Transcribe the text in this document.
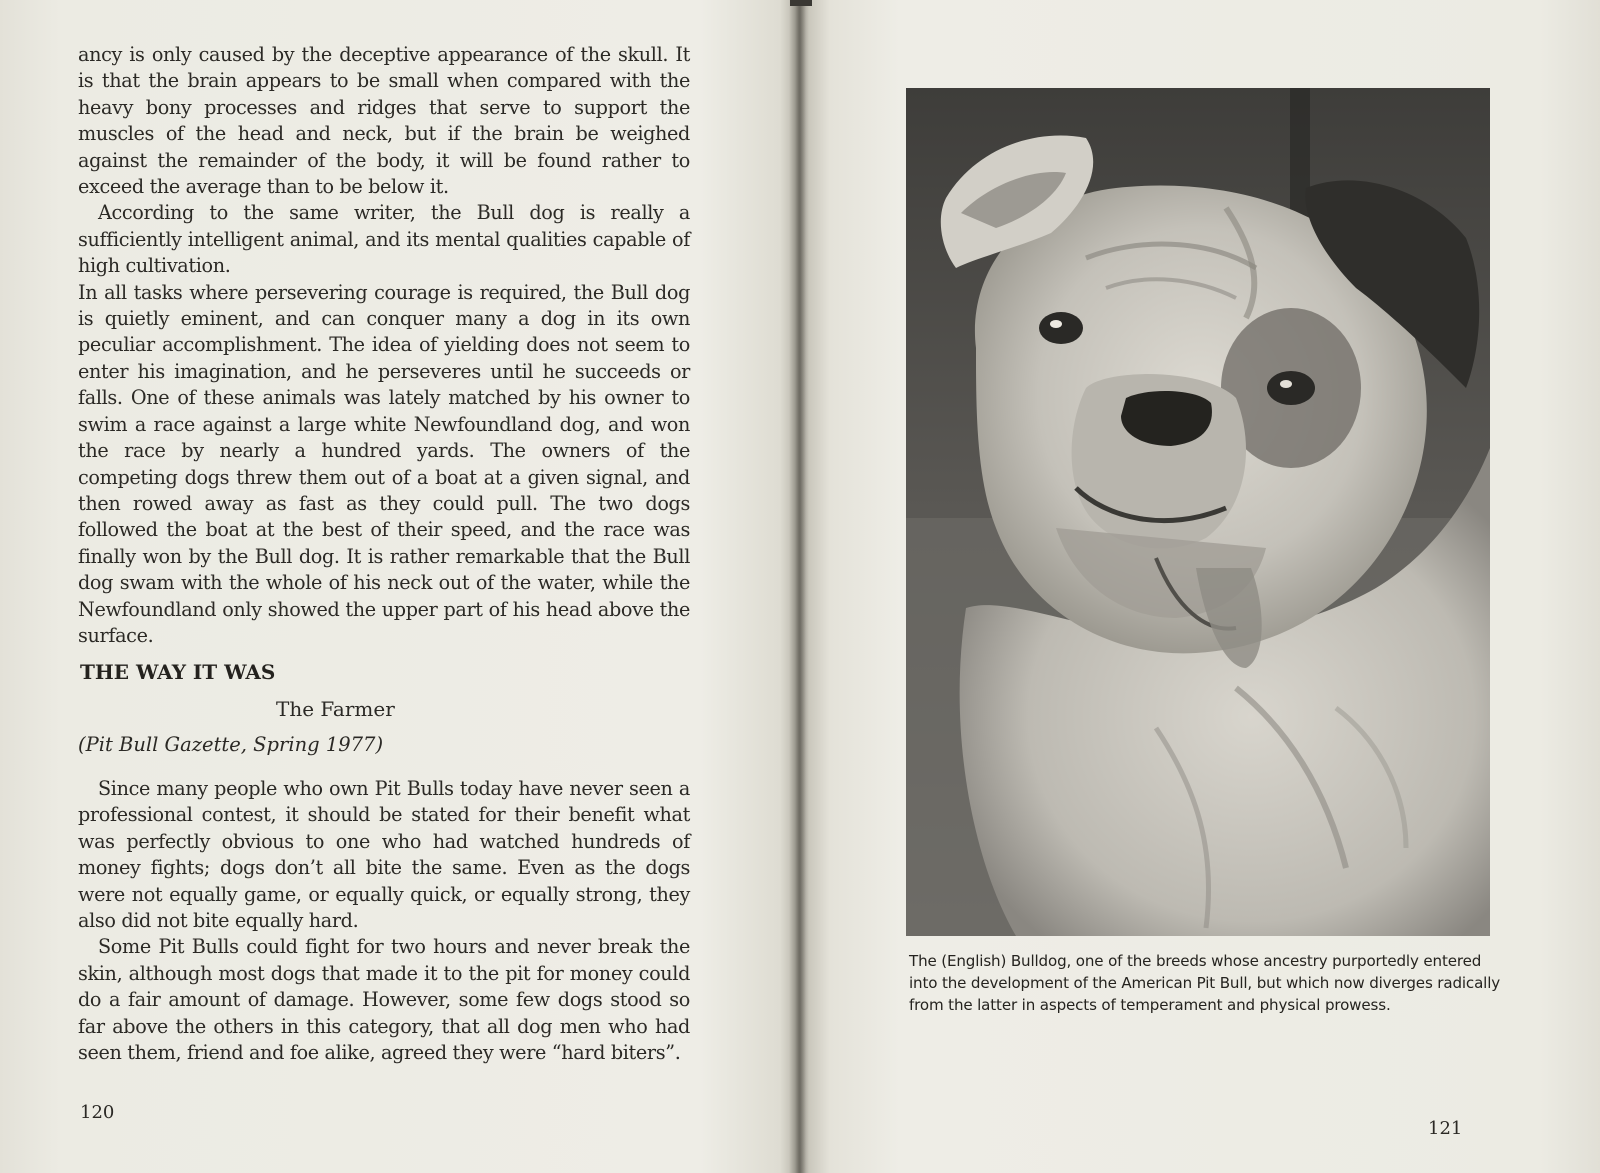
ancy is only caused by the deceptive appearance of the skull. It is that the brain appears to be small when compared with the heavy bony processes and ridges that serve to support the muscles of the head and neck, but if the brain be weighed against the remainder of the body, it will be found rather to exceed the average than to be below it.

According to the same writer, the Bull dog is really a sufficiently intelligent animal, and its mental qualities capable of high cultivation.

In all tasks where persevering courage is required, the Bull dog is quietly eminent, and can conquer many a dog in its own peculiar accomplishment. The idea of yielding does not seem to enter his imagination, and he perseveres until he succeeds or falls. One of these animals was lately matched by his owner to swim a race against a large white Newfoundland dog, and won the race by nearly a hundred yards. The owners of the competing dogs threw them out of a boat at a given signal, and then rowed away as fast as they could pull. The two dogs followed the boat at the best of their speed, and the race was finally won by the Bull dog. It is rather remarkable that the Bull dog swam with the whole of his neck out of the water, while the Newfoundland only showed the upper part of his head above the surface.

THE WAY IT WAS
The Farmer
(Pit Bull Gazette, Spring 1977)

Since many people who own Pit Bulls today have never seen a professional contest, it should be stated for their benefit what was perfectly obvious to one who had watched hundreds of money fights; dogs don’t all bite the same. Even as the dogs were not equally game, or equally quick, or equally strong, they also did not bite equally hard.

Some Pit Bulls could fight for two hours and never break the skin, although most dogs that made it to the pit for money could do a fair amount of damage. However, some few dogs stood so far above the others in this category, that all dog men who had seen them, friend and foe alike, agreed they were “hard biters”.

120

The (English) Bulldog, one of the breeds whose ancestry purportedly entered into the development of the American Pit Bull, but which now diverges radically from the latter in aspects of temperament and physical prowess.

121
